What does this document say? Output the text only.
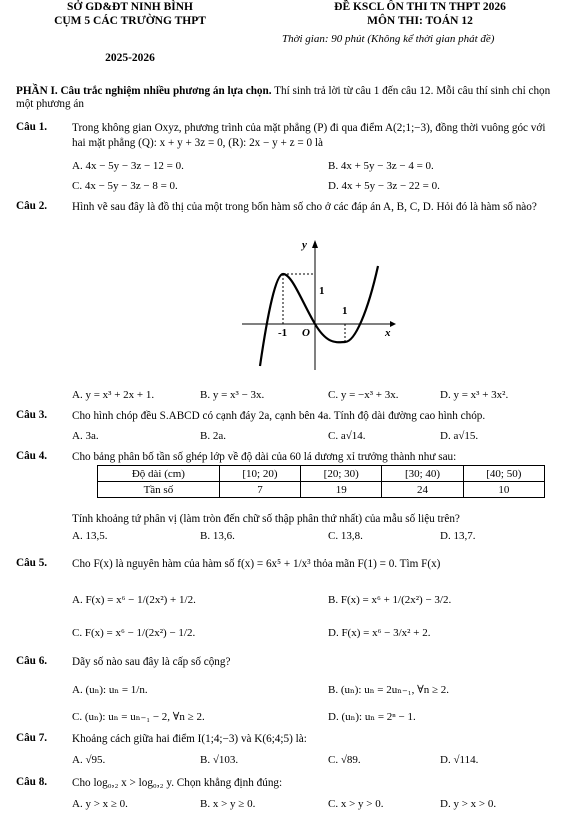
SỞ GD&ĐT NINH BÌNH
CỤM 5 CÁC TRƯỜNG THPT
2025-2026
ĐỀ KSCL ÔN THI TN THPT 2026
MÔN THI: TOÁN 12
Thời gian: 90 phút (Không kể thời gian phát đề)
PHẦN I. Câu trắc nghiệm nhiều phương án lựa chọn. Thí sinh trả lời từ câu 1 đến câu 12. Mỗi câu thí sinh chỉ chọn một phương án
Câu 1. Trong không gian Oxyz, phương trình của mặt phẳng (P) đi qua điểm A(2;1;−3), đồng thời vuông góc với hai mặt phẳng (Q): x + y + 3z = 0, (R): 2x − y + z = 0 là
A. 4x − 5y − 3z − 12 = 0.	B. 4x + 5y − 3z − 4 = 0.
C. 4x − 5y − 3z − 8 = 0.	D. 4x + 5y − 3z − 22 = 0.
Câu 2. Hình vẽ sau đây là đồ thị của một trong bốn hàm số cho ở các đáp án A, B, C, D. Hỏi đó là hàm số nào?
y
x
O
-1
1
1
A. y = x³ + 2x + 1.	B. y = x³ − 3x.	C. y = −x³ + 3x.	D. y = x³ + 3x².
Câu 3. Cho hình chóp đều S.ABCD có cạnh đáy 2a, cạnh bên 4a. Tính độ dài đường cao hình chóp.
A. 3a.	B. 2a.	C. a√14.	D. a√15.
Câu 4. Cho bảng phân bố tần số ghép lớp về độ dài của 60 lá dương xỉ trưởng thành như sau:
Độ dài (cm)	[10; 20)	[20; 30)	[30; 40)	[40; 50)
Tần số	7	19	24	10
Tính khoảng tứ phân vị (làm tròn đến chữ số thập phân thứ nhất) của mẫu số liệu trên?
A. 13,5.	B. 13,6.	C. 13,8.	D. 13,7.
Câu 5. Cho F(x) là nguyên hàm của hàm số f(x) = 6x⁵ + 1/x³ thỏa mãn F(1) = 0. Tìm F(x)
A. F(x) = x⁶ − 1/(2x²) + 1/2.	B. F(x) = x⁶ + 1/(2x²) − 3/2.
C. F(x) = x⁶ − 1/(2x²) − 1/2.	D. F(x) = x⁶ − 3/x² + 2.
Câu 6. Dãy số nào sau đây là cấp số cộng?
A. (uₙ): uₙ = 1/n.	B. (uₙ): uₙ = 2uₙ₋₁, ∀n ≥ 2.
C. (uₙ): uₙ = uₙ₋₁ − 2, ∀n ≥ 2.	D. (uₙ): uₙ = 2ⁿ − 1.
Câu 7. Khoảng cách giữa hai điểm I(1;4;−3) và K(6;4;5) là:
A. √95.	B. √103.	C. √89.	D. √114.
Câu 8. Cho log₀,₂ x > log₀,₂ y. Chọn khẳng định đúng:
A. y > x ≥ 0.	B. x > y ≥ 0.	C. x > y > 0.	D. y > x > 0.
